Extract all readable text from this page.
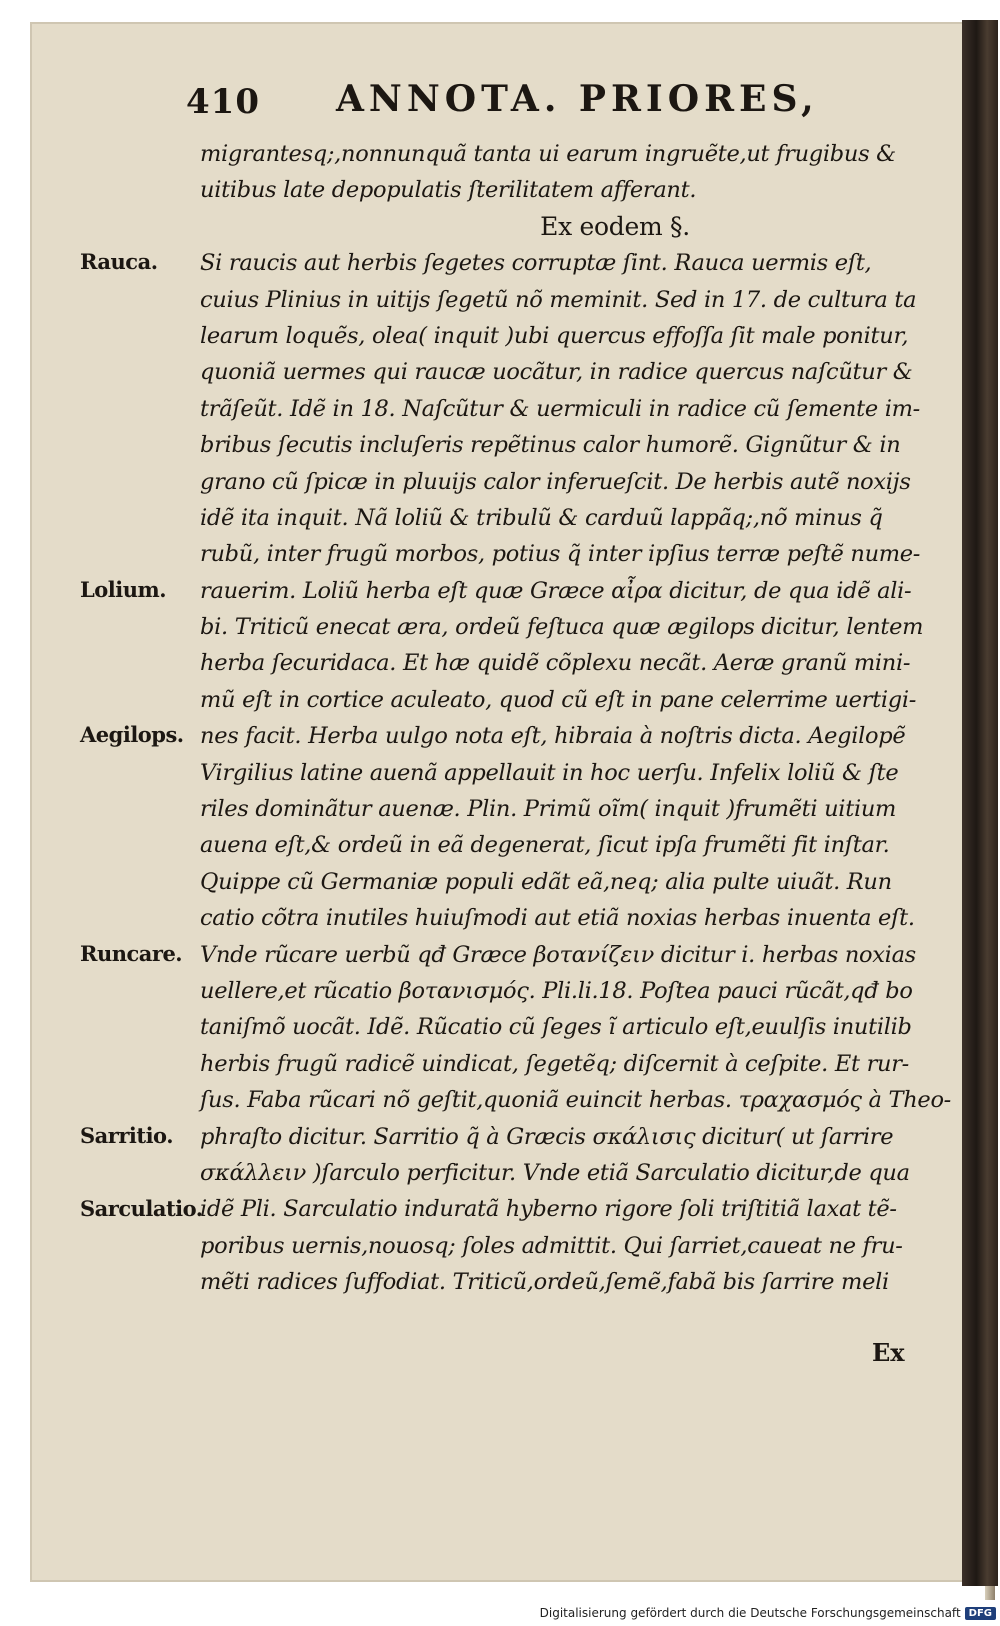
410 ANNOTA. PRIORES,
Rauca.
Lolium.
Aegilops.
Runcare.
Sarritio.
Sarculatio.
migrantesq;,nonnunquã tanta ui earum ingruẽte,ut frugibus &
uitibus late depopulatis ſterilitatem afferant.
Ex eodem §.
Si raucis aut herbis ſegetes corruptæ ſint. Rauca uermis eſt,
cuius Plinius in uitijs ſegetũ nõ meminit. Sed in 17. de cultura ta
learum loquẽs, olea( inquit )ubi quercus effoſſa ſit male ponitur,
quoniã uermes qui raucæ uocãtur, in radice quercus naſcũtur &
trãſeũt. Idẽ in 18. Naſcũtur & uermiculi in radice cũ ſemente im-
bribus ſecutis incluſeris repẽtinus calor humorẽ. Gignũtur & in
grano cũ ſpicæ in pluuijs calor inferueſcit. De herbis autẽ noxijs
idẽ ita inquit. Nã loliũ & tribulũ & carduũ lappãq;,nõ minus q̃
rubũ, inter frugũ morbos, potius q̃ inter ipſius terræ peſtẽ nume-
rauerim. Loliũ herba eſt quæ Græce αἶρα dicitur, de qua idẽ ali-
bi. Triticũ enecat æra, ordeũ feſtuca quæ ægilops dicitur, lentem
herba ſecuridaca. Et hæ quidẽ cõplexu necãt. Aeræ granũ mini-
mũ eſt in cortice aculeato, quod cũ eſt in pane celerrime uertigi-
nes facit. Herba uulgo nota eſt, hibraia à noſtris dicta. Aegilopẽ
Virgilius latine auenã appellauit in hoc uerſu. Infelix loliũ & ſte
riles dominãtur auenæ. Plin. Primũ oĩm( inquit )frumẽti uitium
auena eſt,& ordeũ in eã degenerat, ſicut ipſa frumẽti fit inſtar.
Quippe cũ Germaniæ populi edãt eã,neq; alia pulte uiuãt. Run
catio cõtra inutiles huiuſmodi aut etiã noxias herbas inuenta eſt.
Vnde rũcare uerbũ qđ Græce βοτανίζειν dicitur i. herbas noxias
uellere,et rũcatio βοτανισμός. Pli.li.18. Poſtea pauci rũcãt,qđ bo
taniſmõ uocãt. Idẽ. Rũcatio cũ ſeges ĩ articulo eſt,euulſis inutilib
herbis frugũ radicẽ uindicat, ſegetẽq; diſcernit à ceſpite. Et rur-
ſus. Faba rũcari nõ geſtit,quoniã euincit herbas. τραχασμός à Theo-
phraſto dicitur. Sarritio q̃ à Græcis σκάλισις dicitur( ut ſarrire
σκάλλειν )ſarculo perficitur. Vnde etiã Sarculatio dicitur,de qua
idẽ Pli. Sarculatio induratã hyberno rigore ſoli triſtitiã laxat tẽ-
poribus uernis,nouosq; ſoles admittit. Qui ſarriet,caueat ne fru-
mẽti radices ſuffodiat. Triticũ,ordeũ,ſemẽ,fabã bis ſarrire meli
Ex
Digitalisierung gefördert durch die Deutsche Forschungsgemeinschaft DFG
